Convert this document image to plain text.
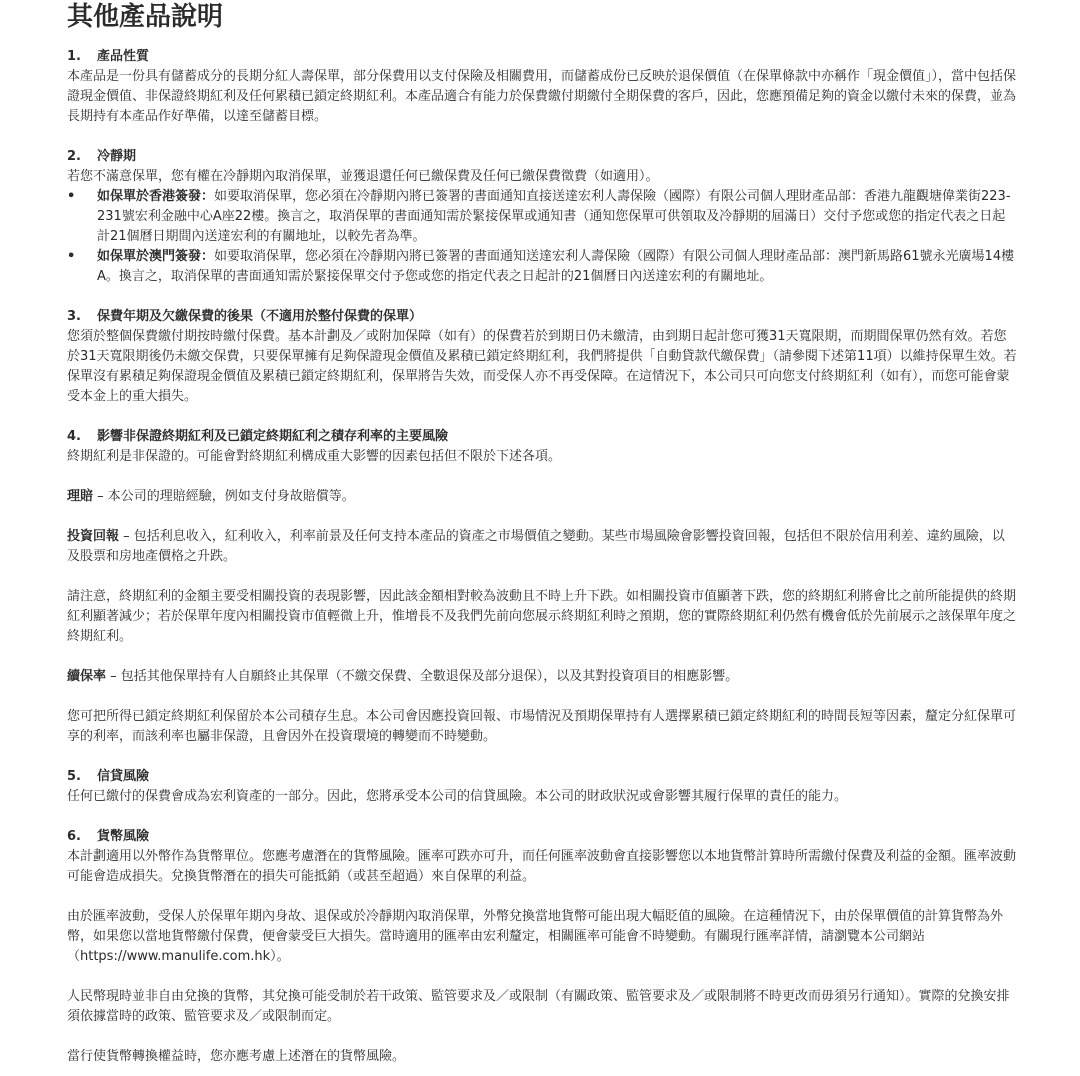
其他產品說明
1.	產品性質

本產品是一份具有儲蓄成分的長期分紅人壽保單，部分保費用以支付保險及相關費用，而儲蓄成份已反映於退保價值（在保單條款中亦稱作「現金價值」），當中包括保證現金價值、非保證終期紅利及任何累積已鎖定終期紅利。本產品適合有能力於保費繳付期繳付全期保費的客戶，因此，您應預備足夠的資金以繳付未來的保費，並為長期持有本產品作好準備，以達至儲蓄目標。

2.	冷靜期

若您不滿意保單，您有權在冷靜期內取消保單，並獲退還任何已繳保費及任何已繳保費徵費（如適用）。

•	如保單於香港簽發：如要取消保單，您必須在冷靜期內將已簽署的書面通知直接送達宏利人壽保險（國際）有限公司個人理財產品部：香港九龍觀塘偉業街223-231號宏利金融中心A座22樓。換言之，取消保單的書面通知需於緊接保單或通知書（通知您保單可供領取及冷靜期的屆滿日）交付予您或您的指定代表之日起計21個曆日期間內送達宏利的有關地址，以較先者為準。
•	如保單於澳門簽發：如要取消保單，您必須在冷靜期內將已簽署的書面通知送達宏利人壽保險（國際）有限公司個人理財產品部：澳門新馬路61號永光廣場14樓A。換言之，取消保單的書面通知需於緊接保單交付予您或您的指定代表之日起計的21個曆日內送達宏利的有關地址。
3.	保費年期及欠繳保費的後果（不適用於整付保費的保單）

您須於整個保費繳付期按時繳付保費。基本計劃及／或附加保障（如有）的保費若於到期日仍未繳清，由到期日起計您可獲31天寬限期，而期間保單仍然有效。若您於31天寬限期後仍未繳交保費，只要保單擁有足夠保證現金價值及累積已鎖定終期紅利，我們將提供「自動貸款代繳保費」（請參閱下述第11項）以維持保單生效。若保單沒有累積足夠保證現金價值及累積已鎖定終期紅利，保單將告失效，而受保人亦不再受保障。在這情況下，本公司只可向您支付終期紅利（如有），而您可能會蒙受本金上的重大損失。

4.	影響非保證終期紅利及已鎖定終期紅利之積存利率的主要風險

終期紅利是非保證的。可能會對終期紅利構成重大影響的因素包括但不限於下述各項。

理賠 – 本公司的理賠經驗，例如支付身故賠償等。

投資回報 – 包括利息收入，紅利收入，利率前景及任何支持本產品的資產之市場價值之變動。某些市場風險會影響投資回報，包括但不限於信用利差、違約風險，以及股票和房地產價格之升跌。

請注意，終期紅利的金額主要受相關投資的表現影響，因此該金額相對較為波動且不時上升下跌。如相關投資市值顯著下跌，您的終期紅利將會比之前所能提供的終期紅利顯著減少；若於保單年度內相關投資市值輕微上升，惟增長不及我們先前向您展示終期紅利時之預期，您的實際終期紅利仍然有機會低於先前展示之該保單年度之終期紅利。

續保率 – 包括其他保單持有人自願終止其保單（不繳交保費、全數退保及部分退保），以及其對投資項目的相應影響。

您可把所得已鎖定終期紅利保留於本公司積存生息。本公司會因應投資回報、市場情況及預期保單持有人選擇累積已鎖定終期紅利的時間長短等因素，釐定分紅保單可享的利率，而該利率也屬非保證，且會因外在投資環境的轉變而不時變動。

5.	信貸風險

任何已繳付的保費會成為宏利資產的一部分。因此，您將承受本公司的信貸風險。本公司的財政狀況或會影響其履行保單的責任的能力。

6.	貨幣風險

本計劃適用以外幣作為貨幣單位。您應考慮潛在的貨幣風險。匯率可跌亦可升，而任何匯率波動會直接影響您以本地貨幣計算時所需繳付保費及利益的金額。匯率波動可能會造成損失。兌換貨幣潛在的損失可能抵銷（或甚至超過）來自保單的利益。

由於匯率波動，受保人於保單年期內身故、退保或於冷靜期內取消保單，外幣兌換當地貨幣可能出現大幅貶值的風險。在這種情況下，由於保單價值的計算貨幣為外幣，如果您以當地貨幣繳付保費，便會蒙受巨大損失。當時適用的匯率由宏利釐定，相關匯率可能會不時變動。有關現行匯率詳情，請瀏覽本公司網站（https://www.manulife.com.hk）。

人民幣現時並非自由兌換的貨幣，其兌換可能受制於若干政策、監管要求及／或限制（有關政策、監管要求及／或限制將不時更改而毋須另行通知）。實際的兌換安排須依據當時的政策、監管要求及／或限制而定。

當行使貨幣轉換權益時，您亦應考慮上述潛在的貨幣風險。
